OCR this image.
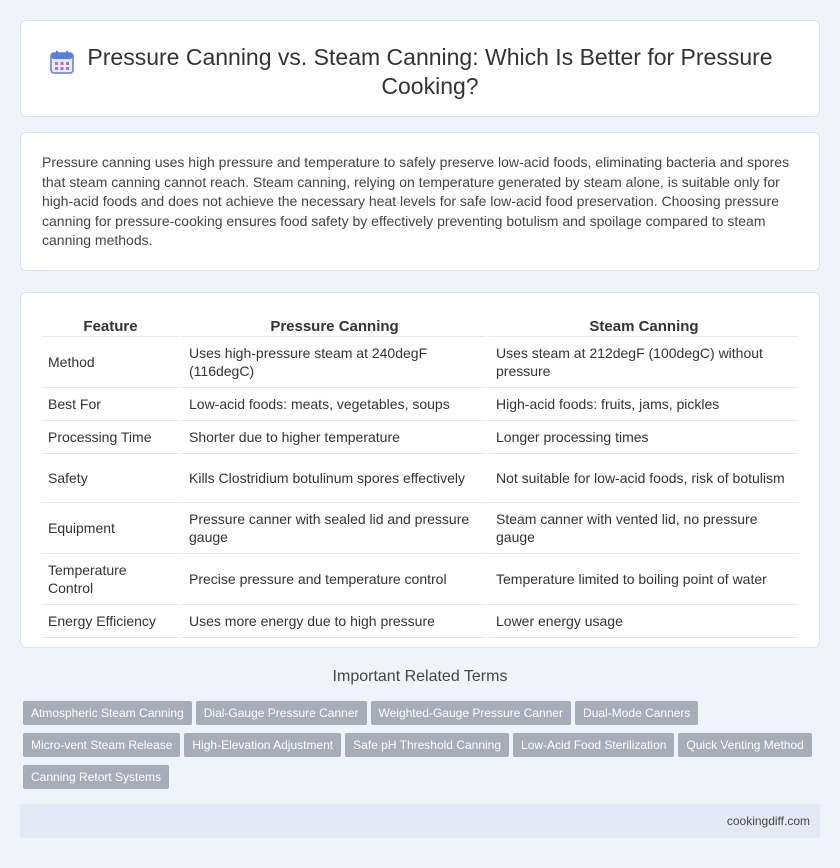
Pressure Canning vs. Steam Canning: Which Is Better for Pressure Cooking?

Pressure canning uses high pressure and temperature to safely preserve low-acid foods, eliminating bacteria and spores that steam canning cannot reach. Steam canning, relying on temperature generated by steam alone, is suitable only for high-acid foods and does not achieve the necessary heat levels for safe low-acid food preservation. Choosing pressure canning for pressure-cooking ensures food safety by effectively preventing botulism and spoilage compared to steam canning methods.

Feature	Pressure Canning	Steam Canning
Method	Uses high-pressure steam at 240degF (116degC)	Uses steam at 212degF (100degC) without pressure
Best For	Low-acid foods: meats, vegetables, soups	High-acid foods: fruits, jams, pickles
Processing Time	Shorter due to higher temperature	Longer processing times
Safety	Kills Clostridium botulinum spores effectively	Not suitable for low-acid foods, risk of botulism
Equipment	Pressure canner with sealed lid and pressure gauge	Steam canner with vented lid, no pressure gauge
Temperature Control	Precise pressure and temperature control	Temperature limited to boiling point of water
Energy Efficiency	Uses more energy due to high pressure	Lower energy usage
Important Related Terms
Atmospheric Steam Canning Dial-Gauge Pressure Canner Weighted-Gauge Pressure Canner Dual-Mode Canners
Micro-vent Steam Release High-Elevation Adjustment Safe pH Threshold Canning Low-Acid Food Sterilization Quick Venting Method
Canning Retort Systems
cookingdiff.com
